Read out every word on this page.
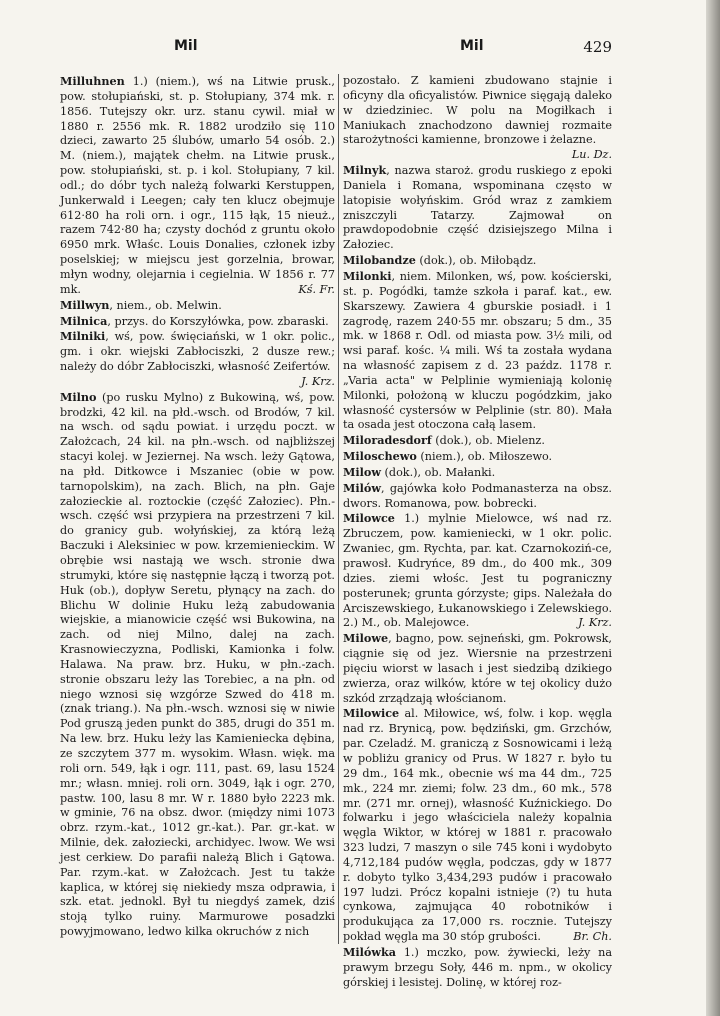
Mil	Mil	429

Milluhnen 1.) (niem.), wś na Litwie prusk., pow. stołupiański, st. p. Stołupiany, 374 mk. r. 1856. Tutejszy okr. urz. stanu cywil. miał w 1880 r. 2556 mk. R. 1882 urodziło się 110 dzieci, zawarto 25 ślubów, umarło 54 osób. 2.) M. (niem.), majątek chełm. na Litwie prusk., pow. stołupiański, st. p. i kol. Stołupiany, 7 kil. odl.; do dóbr tych należą folwarki Kerstuppen, Junkerwald i Leegen; cały ten klucz obejmuje 612·80 ha roli orn. i ogr., 115 łąk, 15 nieuż., razem 742·80 ha; czysty dochód z gruntu około 6950 mrk. Właśc. Louis Donalies, członek izby poselskiej; w miejscu jest gorzelnia, browar, młyn wodny, olejarnia i cegielnia. W 1856 r. 77 mk.	Kś. Fr.

Millwyn, niem., ob. Melwin.

Milnica, przys. do Korszyłówka, pow. zbaraski.

Milniki, wś, pow. święciański, w 1 okr. polic., gm. i okr. wiejski Zabłociszki, 2 dusze rew.; należy do dóbr Zabłociszki, własność Zeifertów.
J. Krz.

Milno (po rusku Mylno) z Bukowiną, wś, pow. brodzki, 42 kil. na płd.-wsch. od Brodów, 7 kil. na wsch. od sądu powiat. i urzędu poczt. w Założcach, 24 kil. na płn.-wsch. od najbliższej stacyi kolej. w Jeziernej. Na wsch. leży Gątowa, na płd. Ditkowce i Mszaniec (obie w pow. tarnopolskim), na zach. Blich, na płn. Gaje załozieckie al. roztockie (część Załoziec). Płn.-wsch. część wsi przypiera na przestrzeni 7 kil. do granicy gub. wołyńskiej, za którą leżą Baczuki i Aleksiniec w pow. krzemienieckim. W obrębie wsi nastają we wsch. stronie dwa strumyki, które się następnie łączą i tworzą pot. Huk (ob.), dopływ Seretu, płynący na zach. do Blichu W dolinie Huku leżą zabudowania wiejskie, a mianowicie część wsi Bukowina, na zach. od niej Milno, dalej na zach. Krasnowieczyzna, Podliski, Kamionka i folw. Halawa. Na praw. brz. Huku, w płn.-zach. stronie obszaru leży las Torebiec, a na płn. od niego wznosi się wzgórze Szwed do 418 m. (znak triang.). Na płn.-wsch. wznosi się w niwie Pod gruszą jeden punkt do 385, drugi do 351 m. Na lew. brz. Huku leży las Kamieniecka dębina, ze szczytem 377 m. wysokim. Własn. więk. ma roli orn. 549, łąk i ogr. 111, past. 69, lasu 1524 mr.; własn. mniej. roli orn. 3049, łąk i ogr. 270, pastw. 100, lasu 8 mr. W r. 1880 było 2223 mk. w gminie, 76 na obsz. dwor. (między nimi 1073 obrz. rzym.-kat., 1012 gr.-kat.). Par. gr.-kat. w Milnie, dek. załoziecki, archidyec. lwow. We wsi jest cerkiew. Do parafii należą Blich i Gątowa. Par. rzym.-kat. w Założcach. Jest tu także kaplica, w której się niekiedy msza odprawia, i szk. etat. jednokl. Był tu niegdyś zamek, dziś stoją tylko ruiny. Marmurowe posadzki powyjmowano, ledwo kilka okruchów z nich

pozostało. Z kamieni zbudowano stajnie i oficyny dla oficyalistów. Piwnice sięgają daleko w dziedziniec. W polu na Mogiłkach i Maniukach znachodzono dawniej rozmaite starożytności kamienne, bronzowe i żelazne.
Lu. Dz.

Milnyk, nazwa staroż. grodu ruskiego z epoki Daniela i Romana, wspominana często w latopisie wołyńskim. Gród wraz z zamkiem zniszczyli Tatarzy. Zajmował on prawdopodobnie część dzisiejszego Milna i Załoziec.

Milobandze (dok.), ob. Miłobądz.

Milonki, niem. Milonken, wś, pow. kościerski, st. p. Pogódki, tamże szkoła i paraf. kat., ew. Skarszewy. Zawiera 4 gburskie posiadł. i 1 zagrodę, razem 240·55 mr. obszaru; 5 dm., 35 mk. w 1868 r. Odl. od miasta pow. 3½ mili, od wsi paraf. kośc. ¼ mili. Wś ta została wydana na własność zapisem z d. 23 paźdz. 1178 r. „Varia acta" w Pelplinie wymieniają kolonię Milonki, położoną w kluczu pogódzkim, jako własność cystersów w Pelplinie (str. 80). Mała ta osada jest otoczona całą lasem.

Miloradesdorf (dok.), ob. Mielenz.

Miloschewo (niem.), ob. Miłoszewo.

Milow (dok.), ob. Małanki.

Milów, gajówka koło Podmanasterza na obsz. dwors. Romanowa, pow. bobrecki.

Milowce 1.) mylnie Mielowce, wś nad rz. Zbruczem, pow. kamieniecki, w 1 okr. polic. Zwaniec, gm. Rychta, par. kat. Czarnokoziń-ce, prawosł. Kudryńce, 89 dm., do 400 mk., 309 dzies. ziemi włośc. Jest tu pograniczny posterunek; grunta górzyste; gips. Należała do Arciszewskiego, Łukanowskiego i Zelewskiego. 2.) M., ob. Malejowce.	J. Krz.

Milowe, bagno, pow. sejneński, gm. Pokrowsk, ciągnie się od jez. Wiersnie na przestrzeni pięciu wiorst w lasach i jest siedzibą dzikiego zwierza, oraz wilków, które w tej okolicy dużo szkód zrządzają włościanom.

Milowice al. Miłowice, wś, folw. i kop. węgla nad rz. Brynicą, pow. będziński, gm. Grzchów, par. Czeladź. M. graniczą z Sosnowicami i leżą w pobliżu granicy od Prus. W 1827 r. było tu 29 dm., 164 mk., obecnie wś ma 44 dm., 725 mk., 224 mr. ziemi; folw. 23 dm., 60 mk., 578 mr. (271 mr. ornej), własność Kuźnickiego. Do folwarku i jego właściciela należy kopalnia węgla Wiktor, w której w 1881 r. pracowało 323 ludzi, 7 maszyn o sile 745 koni i wydobyto 4,712,184 pudów węgla, podczas, gdy w 1877 r. dobyto tylko 3,434,293 pudów i pracowało 197 ludzi. Prócz kopalni istnieje (?) tu huta cynkowa, zajmująca 40 robotników i produkująca za 17,000 rs. rocznie. Tutejszy pokład węgla ma 30 stóp grubości.	Br. Ch.

Milówka 1.) mczko, pow. żywiecki, leży na prawym brzegu Soły, 446 m. npm., w okolicy górskiej i lesistej. Dolinę, w której roz-
